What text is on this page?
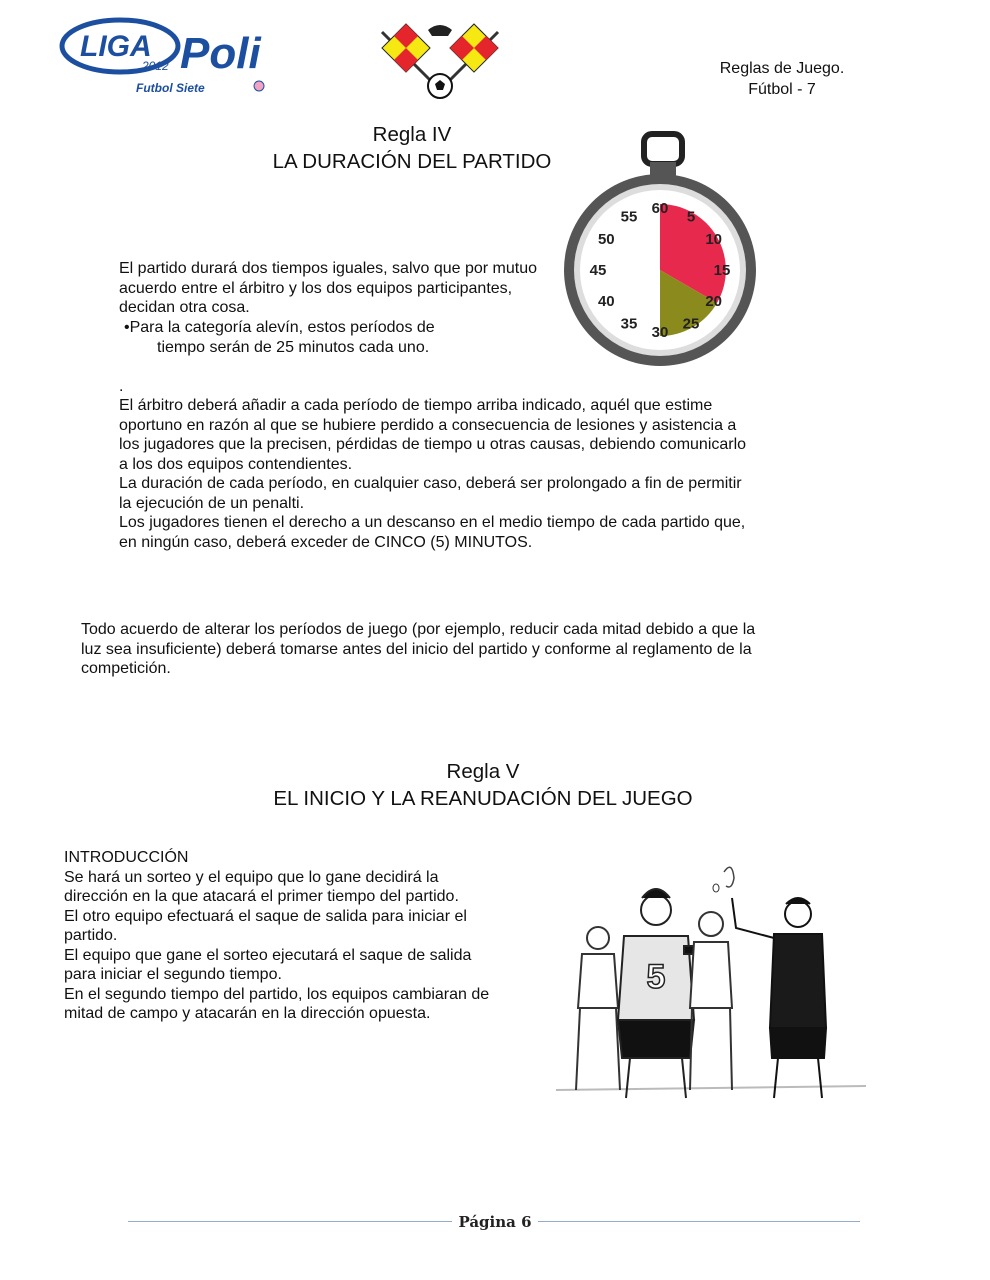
LIGA Poli
2012
Futbol Siete
Reglas de Juego.
Fútbol - 7
Regla IV
LA DURACIÓN DEL PARTIDO
60 5
10
15
20
25
30
35
40
45
50
55
El partido durará dos tiempos iguales, salvo que por mutuo acuerdo entre el árbitro y los dos equipos participantes, decidan otra cosa.
•Para la categoría alevín, estos períodos de
tiempo serán de 25 minutos cada uno.
.
El árbitro deberá añadir a cada período de tiempo arriba indicado, aquél que estime oportuno en razón al que se hubiere perdido a consecuencia de lesiones y asistencia a los jugadores que la precisen, pérdidas de tiempo u otras causas, debiendo comunicarlo a los dos equipos contendientes.
La duración de cada período, en cualquier caso, deberá ser prolongado a fin de permitir la ejecución de un penalti.
Los jugadores tienen el derecho a un descanso en el medio tiempo de cada partido que, en ningún caso, deberá exceder de CINCO (5) MINUTOS.
Todo acuerdo de alterar los períodos de juego (por ejemplo, reducir cada mitad debido a que la luz sea insuficiente) deberá tomarse antes del inicio del partido y conforme al reglamento de la competición.
Regla V
EL INICIO Y LA REANUDACIÓN DEL JUEGO
INTRODUCCIÓN
Se hará un sorteo y el equipo que lo gane decidirá la dirección en la que atacará el primer tiempo del partido.
El otro equipo efectuará el saque de salida para iniciar el partido.
El equipo que gane el sorteo ejecutará el saque de salida para iniciar el segundo tiempo.
En el segundo tiempo del partido, los equipos cambiaran de mitad de campo y atacarán en la dirección opuesta.
5
Página 6
